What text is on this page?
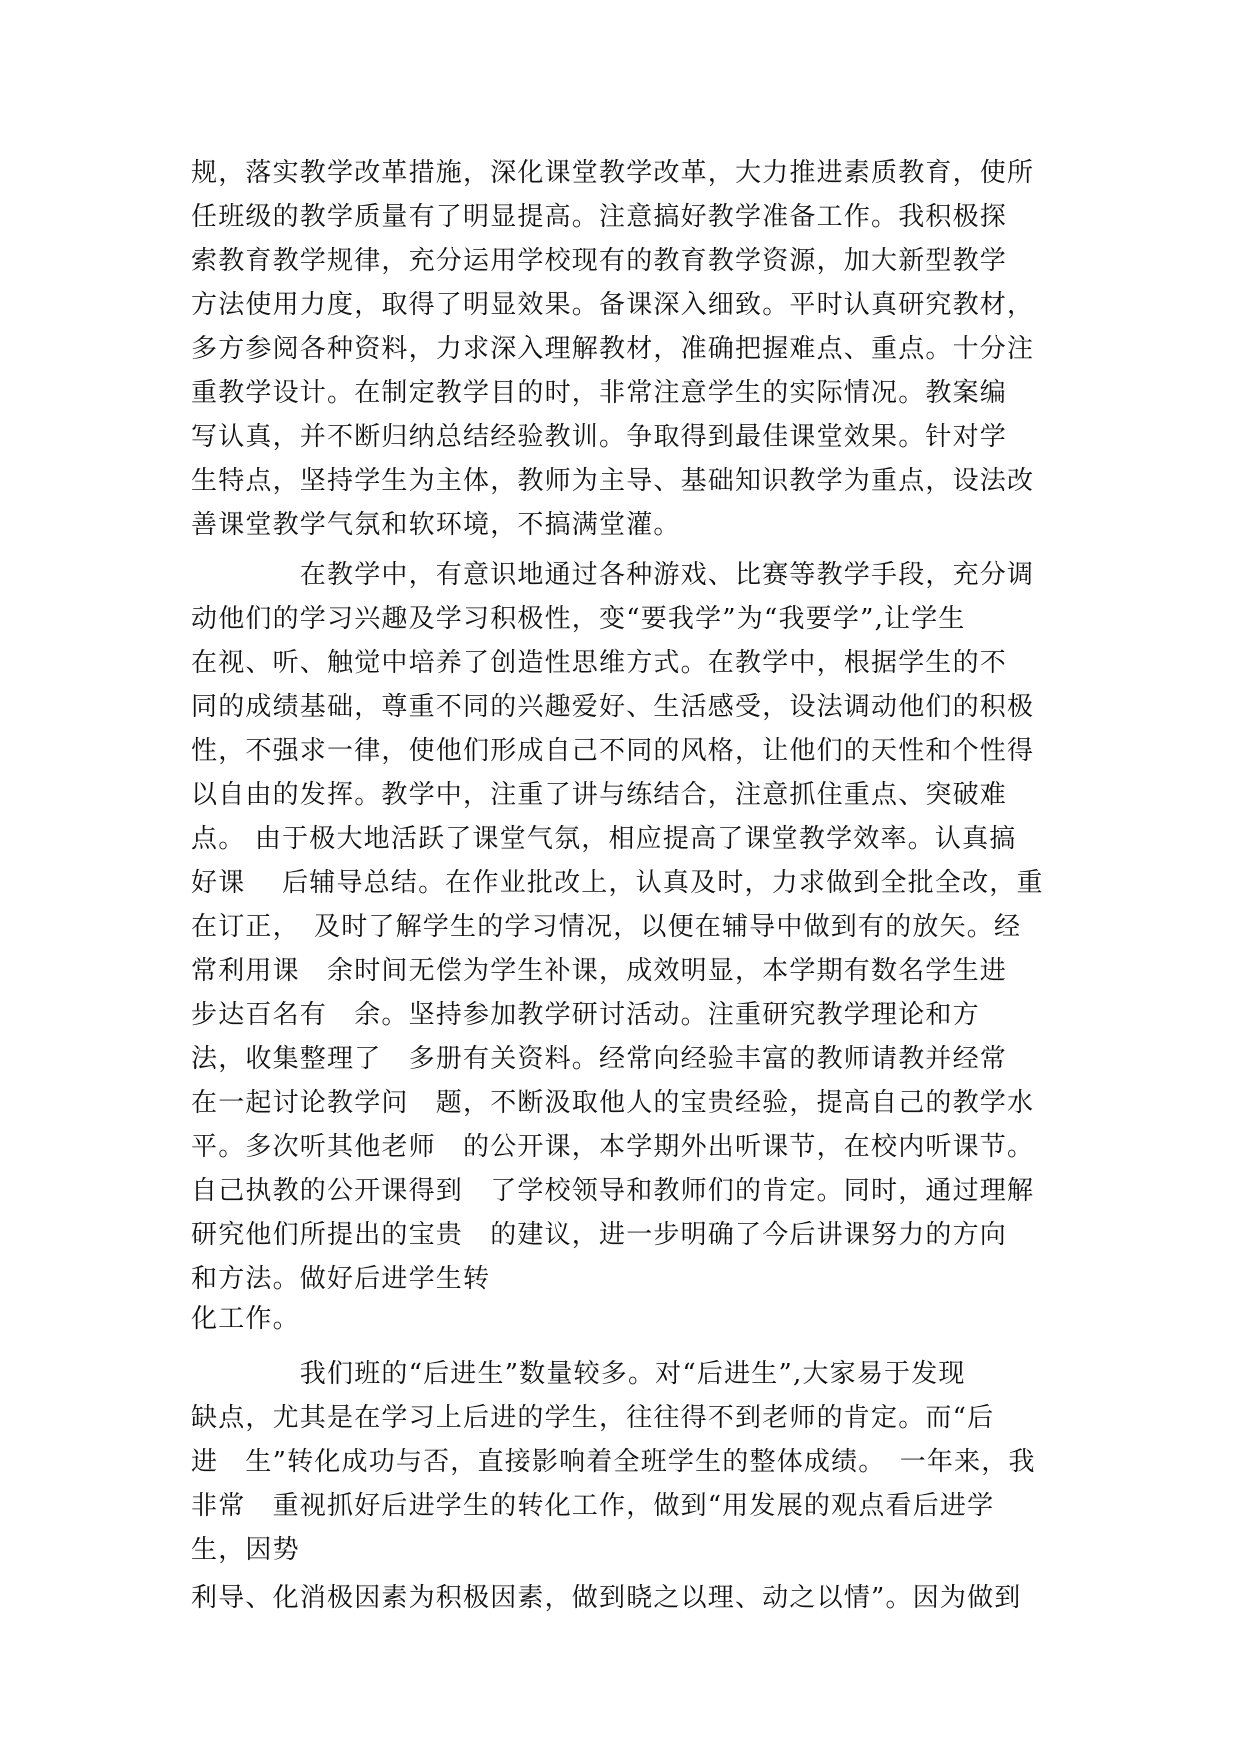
规，落实教学改革措施，深化课堂教学改革，大力推进素质教育，使所
任班级的教学质量有了明显提高。注意搞好教学准备工作。我积极探
索教育教学规律，充分运用学校现有的教育教学资源，加大新型教学
方法使用力度，取得了明显效果。备课深入细致。平时认真研究教材，
多方参阅各种资料，力求深入理解教材，准确把握难点、重点。十分注
重教学设计。在制定教学目的时，非常注意学生的实际情况。教案编
写认真，并不断归纳总结经验教训。争取得到最佳课堂效果。针对学
生特点，坚持学生为主体，教师为主导、基础知识教学为重点，设法改
善课堂教学气氛和软环境，不搞满堂灌。
　　　　在教学中，有意识地通过各种游戏、比赛等教学手段，充分调
动他们的学习兴趣及学习积极性，变“要我学”为“我要学”,让学生
在视、听、触觉中培养了创造性思维方式。在教学中，根据学生的不
同的成绩基础，尊重不同的兴趣爱好、生活感受，设法调动他们的积极
性，不强求一律，使他们形成自己不同的风格，让他们的天性和个性得
以自由的发挥。教学中，注重了讲与练结合，注意抓住重点、突破难
点。 由于极大地活跃了课堂气氛，相应提高了课堂教学效率。认真搞
好课　 后辅导总结。在作业批改上，认真及时，力求做到全批全改，重
在订正，　及时了解学生的学习情况，以便在辅导中做到有的放矢。经
常利用课　余时间无偿为学生补课，成效明显，本学期有数名学生进
步达百名有　余。坚持参加教学研讨活动。注重研究教学理论和方
法，收集整理了　多册有关资料。经常向经验丰富的教师请教并经常
在一起讨论教学问　题，不断汲取他人的宝贵经验，提高自己的教学水
平。多次听其他老师　的公开课，本学期外出听课节，在校内听课节。
自己执教的公开课得到　了学校领导和教师们的肯定。同时，通过理解
研究他们所提出的宝贵　的建议，进一步明确了今后讲课努力的方向
和方法。做好后进学生转
化工作。
　　　　我们班的“后进生”数量较多。对“后进生”,大家易于发现
缺点，尤其是在学习上后进的学生，往往得不到老师的肯定。而“后
进　生”转化成功与否，直接影响着全班学生的整体成绩。　一年来，我
非常　重视抓好后进学生的转化工作，做到“用发展的观点看后进学
生，因势
利导、化消极因素为积极因素，做到晓之以理、动之以情”。因为做到
